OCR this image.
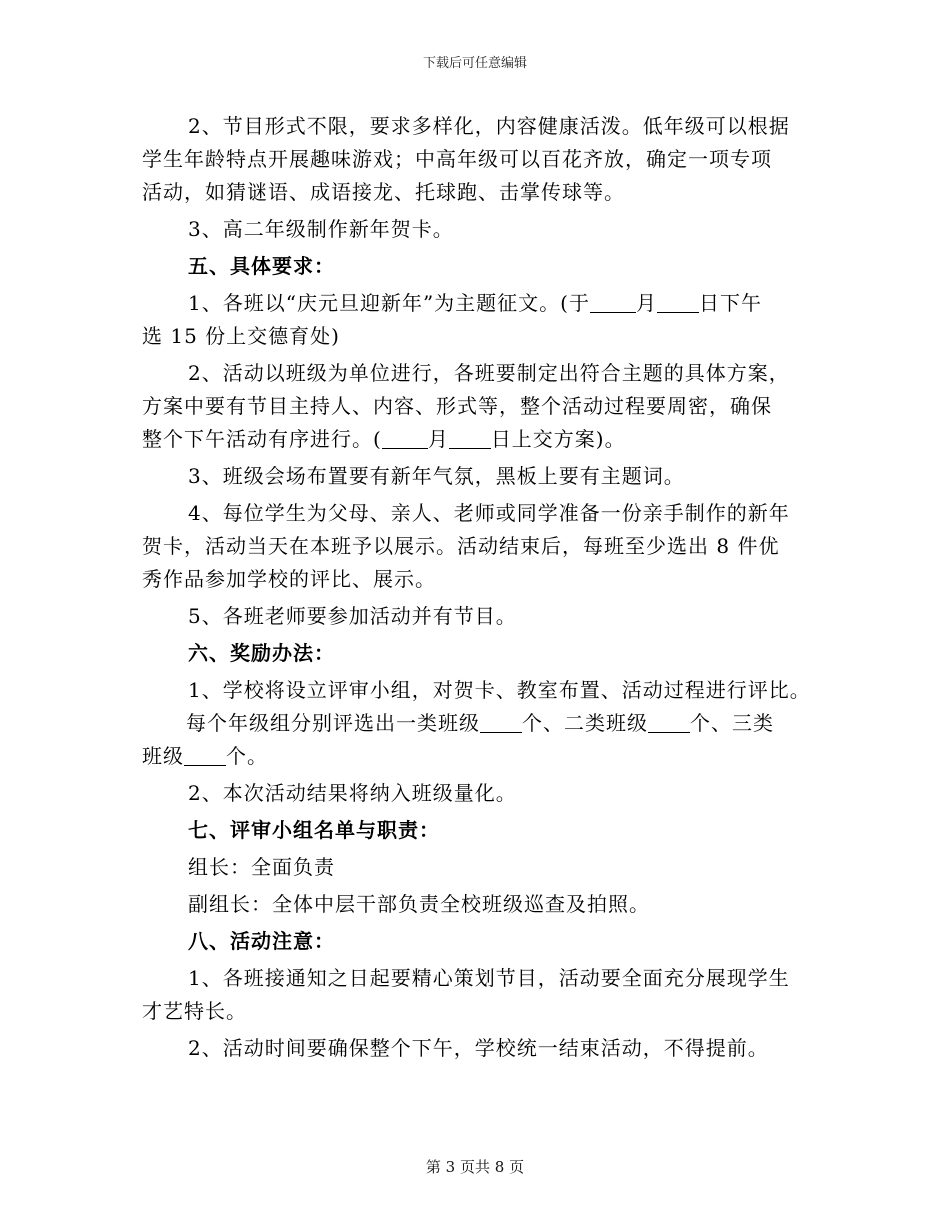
下载后可任意编辑
2、节目形式不限，要求多样化，内容健康活泼。低年级可以根据
学生年龄特点开展趣味游戏；中高年级可以百花齐放，确定一项专项
活动，如猜谜语、成语接龙、托球跑、击掌传球等。
3、高二年级制作新年贺卡。
五、具体要求：
1、各班以“庆元旦迎新年”为主题征文。(于 月 日下午
选 15 份上交德育处)
2、活动以班级为单位进行，各班要制定出符合主题的具体方案，
方案中要有节目主持人、内容、形式等，整个活动过程要周密，确保
整个下午活动有序进行。( 月 日上交方案)。
3、班级会场布置要有新年气氛，黑板上要有主题词。
4、每位学生为父母、亲人、老师或同学准备一份亲手制作的新年
贺卡，活动当天在本班予以展示。活动结束后，每班至少选出 8 件优
秀作品参加学校的评比、展示。
5、各班老师要参加活动并有节目。
六、奖励办法：
1、学校将设立评审小组，对贺卡、教室布置、活动过程进行评比。
每个年级组分别评选出一类班级 个、二类班级 个、三类
班级 个。
2、本次活动结果将纳入班级量化。
七、评审小组名单与职责：
组长：全面负责
副组长：全体中层干部负责全校班级巡查及拍照。
八、活动注意：
1、各班接通知之日起要精心策划节目，活动要全面充分展现学生
才艺特长。
2、活动时间要确保整个下午，学校统一结束活动，不得提前。
第 3 页共 8 页
